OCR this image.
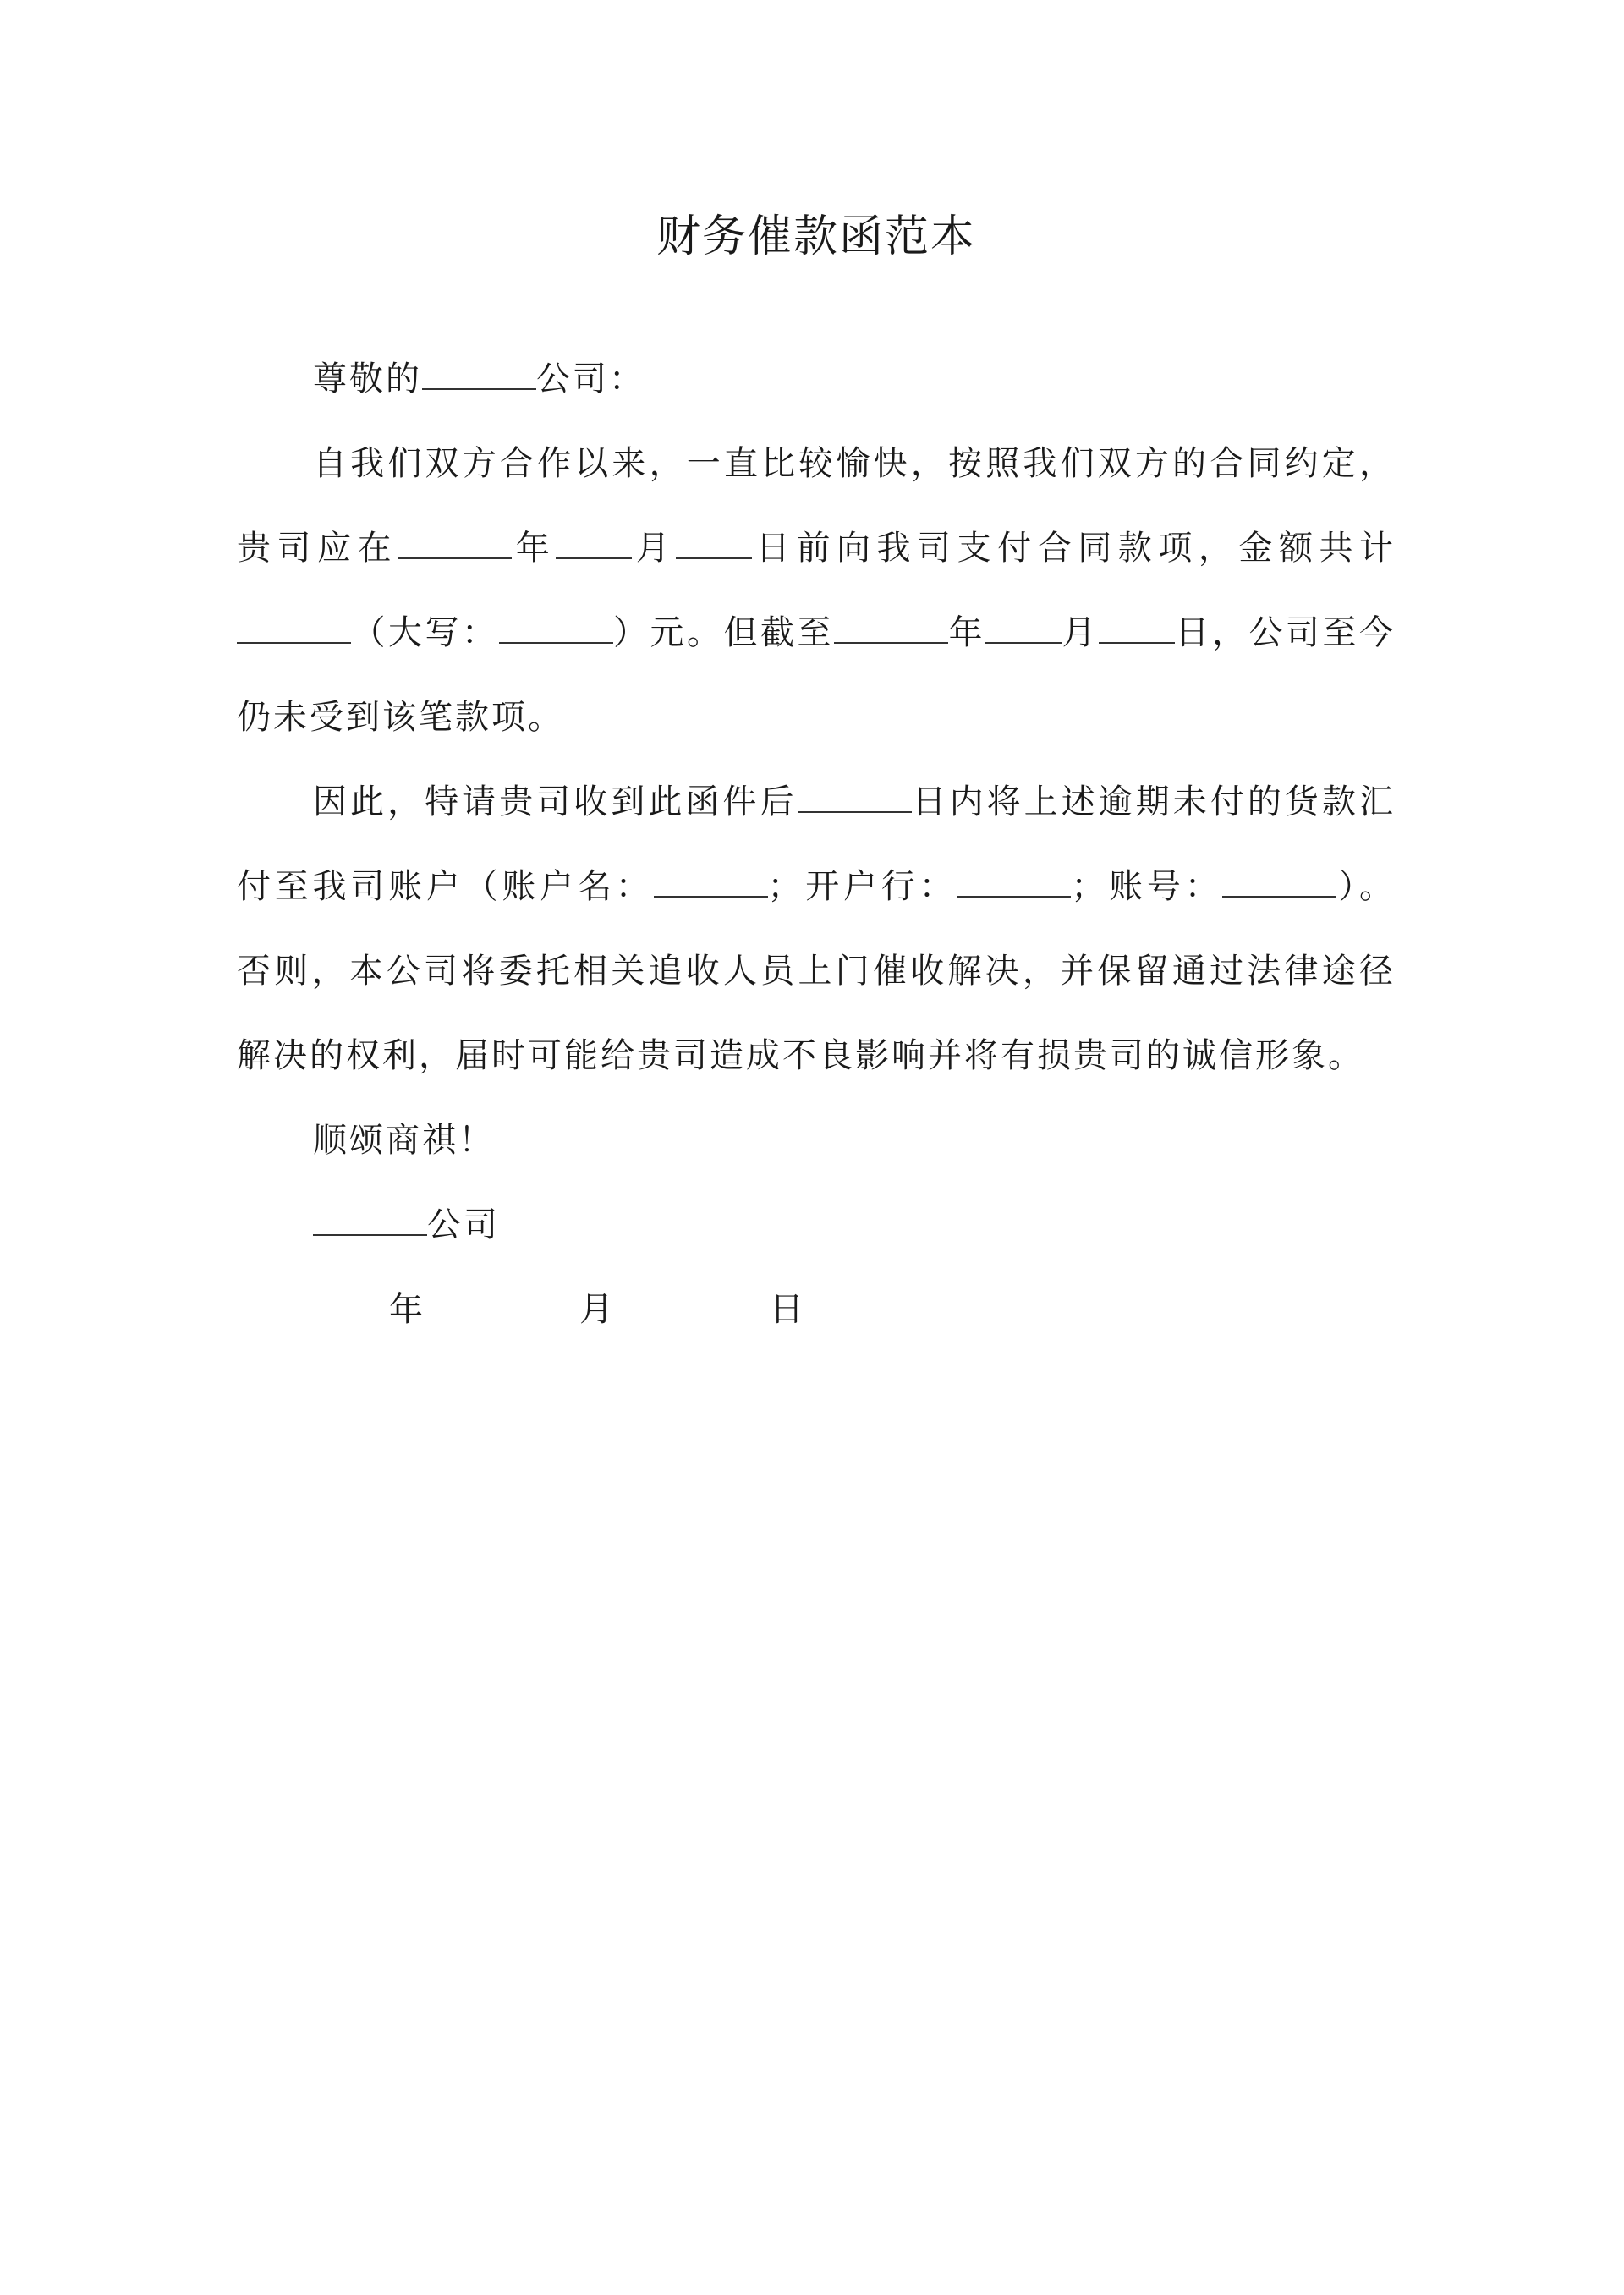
财务催款函范本

尊敬的	公司：

自我们双方合作以来，一直比较愉快，按照我们双方的合同约定，贵司应在	年 月 日前向我司支付合同款项，金额共计（大写：	）元。但截至	年 月 日，公司至今仍未受到该笔款项。

因此，特请贵司收到此函件后	日内将上述逾期未付的货款汇付至我司账户（账户名：	；开户行：	；账号：	）。否则，本公司将委托相关追收人员上门催收解决，并保留通过法律途径解决的权利，届时可能给贵司造成不良影响并将有损贵司的诚信形象。

顺颂商祺！

公司

年	月	日
